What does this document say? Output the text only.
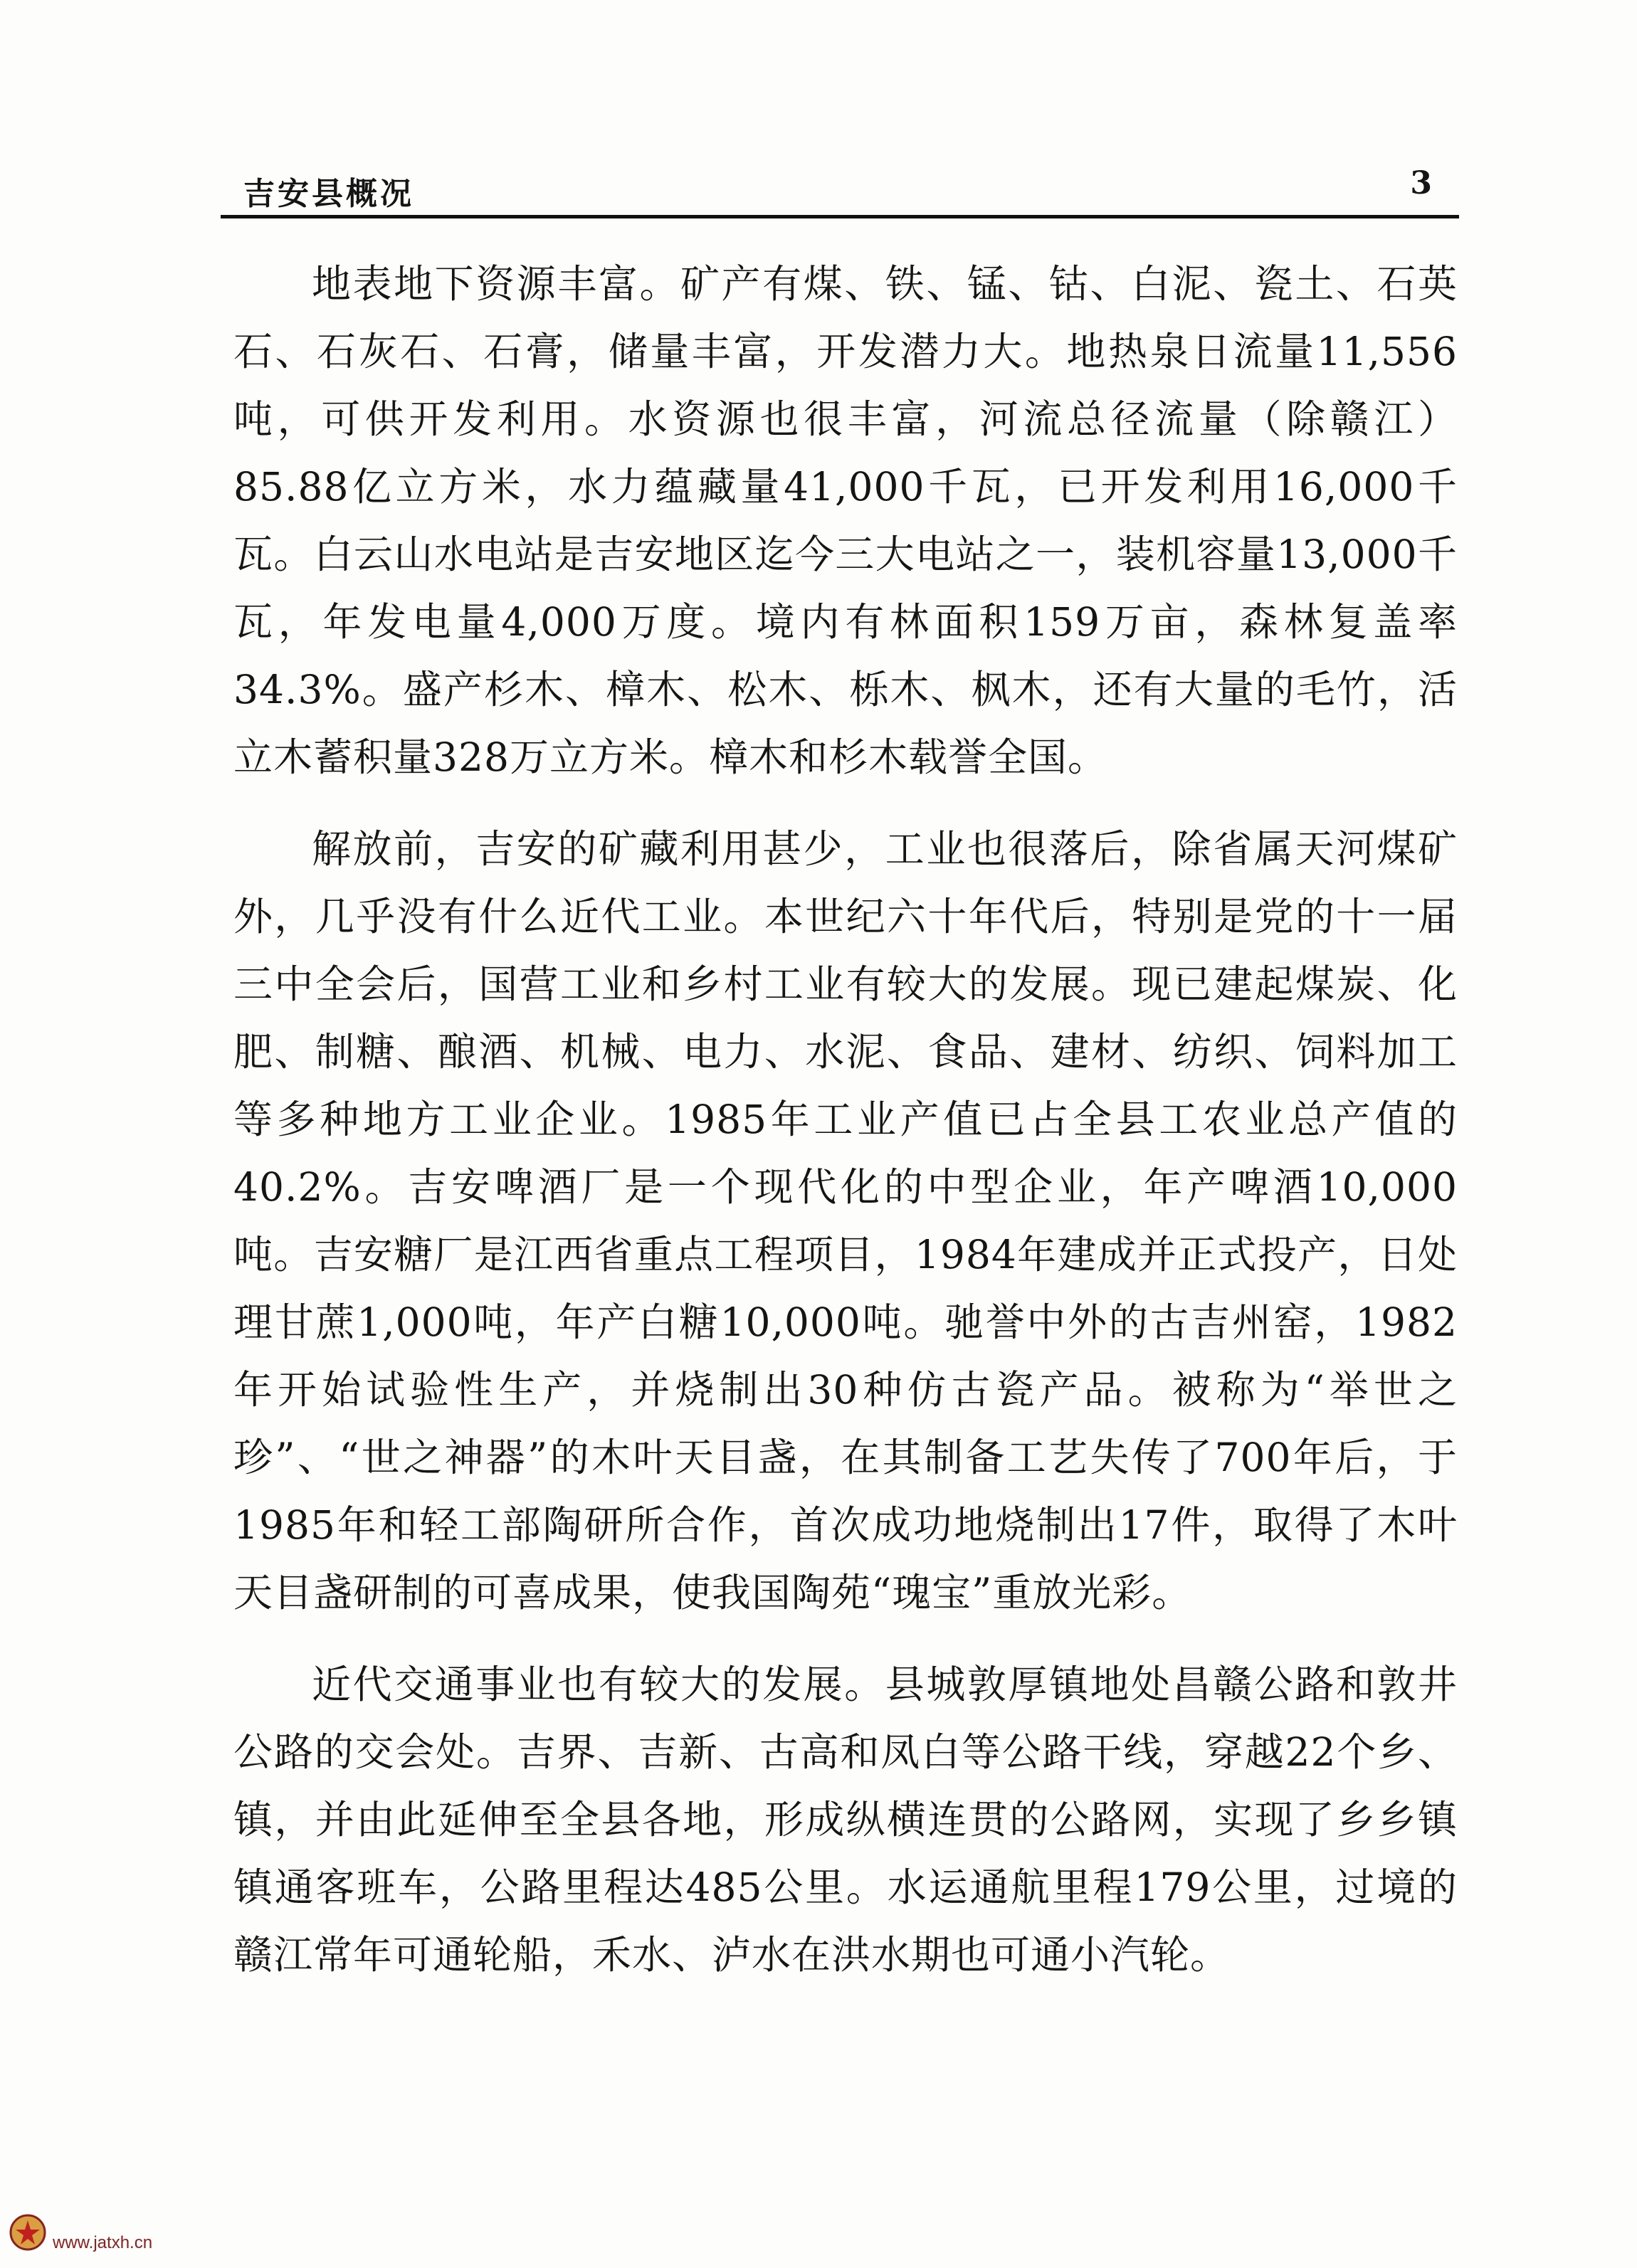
吉安县概况	3

地表地下资源丰富。矿产有煤、铁、锰、钴、白泥、瓷土、石英石、石灰石、石膏，储量丰富，开发潜力大。地热泉日流量11,556吨，可供开发利用。水资源也很丰富，河流总径流量（除赣江）85.88亿立方米，水力蕴藏量41,000千瓦，已开发利用16,000千瓦。白云山水电站是吉安地区迄今三大电站之一，装机容量13,000千瓦，年发电量4,000万度。境内有林面积159万亩，森林复盖率34.3%。盛产杉木、樟木、松木、栎木、枫木，还有大量的毛竹，活立木蓄积量328万立方米。樟木和杉木载誉全国。

解放前，吉安的矿藏利用甚少，工业也很落后，除省属天河煤矿外，几乎没有什么近代工业。本世纪六十年代后，特别是党的十一届三中全会后，国营工业和乡村工业有较大的发展。现已建起煤炭、化肥、制糖、酿酒、机械、电力、水泥、食品、建材、纺织、饲料加工等多种地方工业企业。1985年工业产值已占全县工农业总产值的40.2%。吉安啤酒厂是一个现代化的中型企业，年产啤酒10,000吨。吉安糖厂是江西省重点工程项目，1984年建成并正式投产，日处理甘蔗1,000吨，年产白糖10,000吨。驰誉中外的古吉州窑，1982年开始试验性生产，并烧制出30种仿古瓷产品。被称为“举世之珍”、“世之神器”的木叶天目盏，在其制备工艺失传了700年后，于1985年和轻工部陶研所合作，首次成功地烧制出17件，取得了木叶天目盏研制的可喜成果，使我国陶苑“瑰宝”重放光彩。

近代交通事业也有较大的发展。县城敦厚镇地处昌赣公路和敦井公路的交会处。吉界、吉新、古高和凤白等公路干线，穿越22个乡、镇，并由此延伸至全县各地，形成纵横连贯的公路网，实现了乡乡镇镇通客班车，公路里程达485公里。水运通航里程179公里，过境的赣江常年可通轮船，禾水、泸水在洪水期也可通小汽轮。

www.jatxh.cn
